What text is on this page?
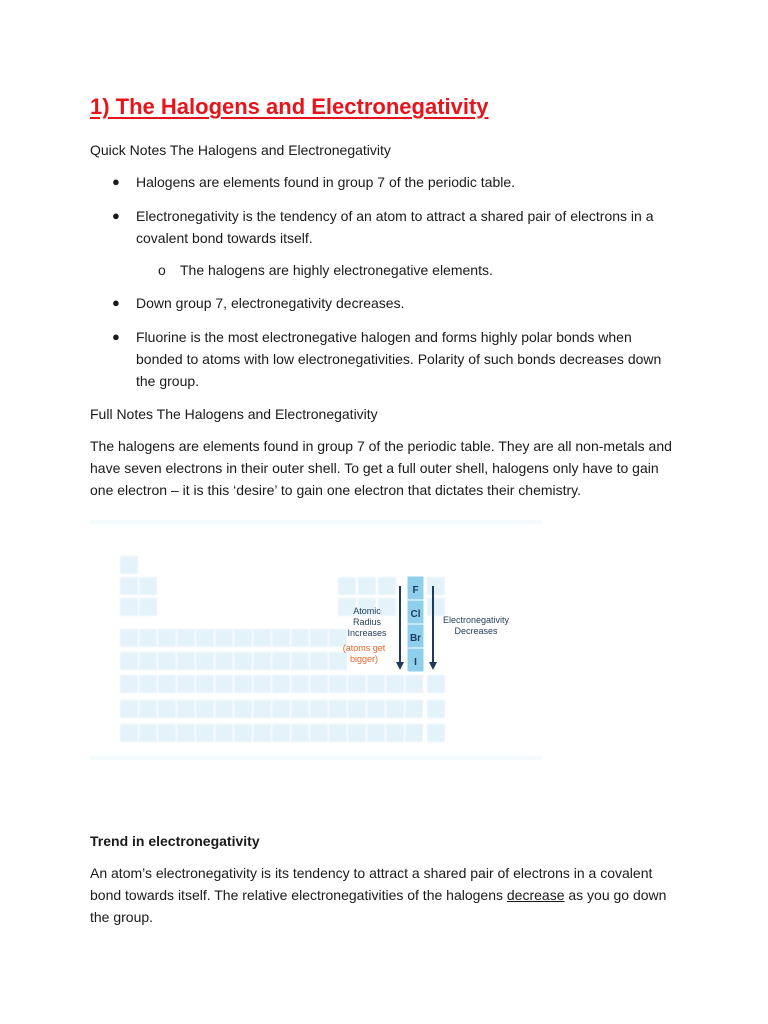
1) The Halogens and Electronegativity

Quick Notes The Halogens and Electronegativity

●	Halogens are elements found in group 7 of the periodic table.
●	Electronegativity is the tendency of an atom to attract a shared pair of electrons in a covalent bond towards itself.
o The halogens are highly electronegative elements.
●	Down group 7, electronegativity decreases.
●	Fluorine is the most electronegative halogen and forms highly polar bonds when bonded to atoms with low electronegativities. Polarity of such bonds decreases down the group.

Full Notes The Halogens and Electronegativity

The halogens are elements found in group 7 of the periodic table. They are all non-metals and have seven electrons in their outer shell. To get a full outer shell, halogens only have to gain one electron – it is this ‘desire’ to gain one electron that dictates their chemistry.

F
Cl
Br
I
Atomic
Radius
Increases
(atoms get
bigger)
Electronegativity
Decreases

Trend in electronegativity

An atom’s electronegativity is its tendency to attract a shared pair of electrons in a covalent bond towards itself. The relative electronegativities of the halogens decrease as you go down the group.
